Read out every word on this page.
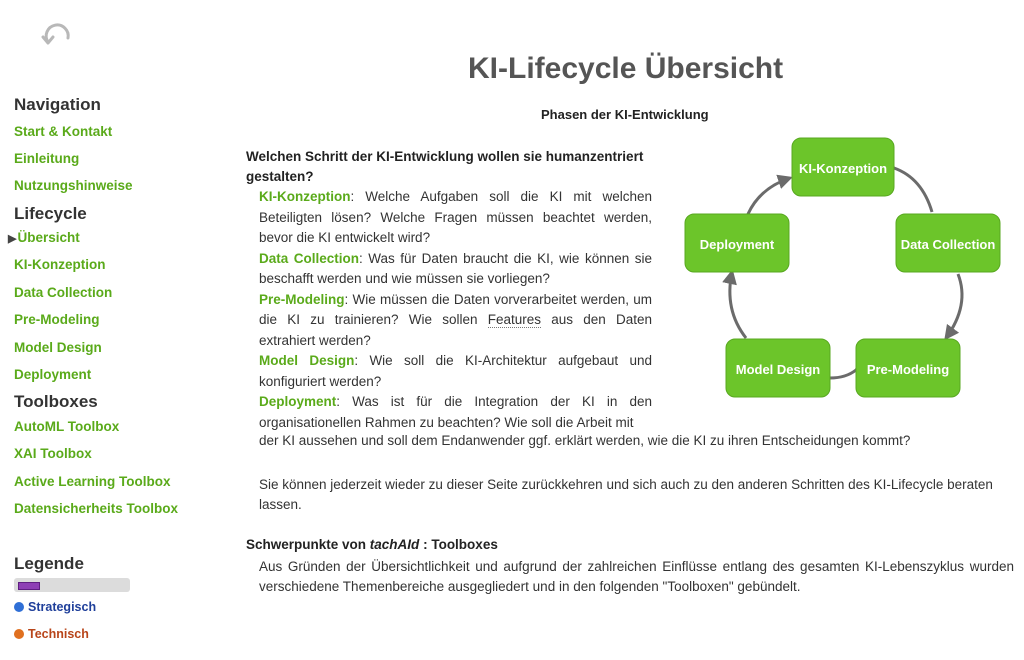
Navigation
Start & Kontakt
Einleitung
Nutzungshinweise
Lifecycle
▶Übersicht
KI-Konzeption
Data Collection
Pre-Modeling
Model Design
Deployment
Toolboxes
AutoML Toolbox
XAI Toolbox
Active Learning Toolbox
Datensicherheits Toolbox
Legende
Strategisch
Technisch
KI-Lifecycle Übersicht
Phasen der KI-Entwicklung
KI-Konzeption
Data Collection
Pre-Modeling
Model Design
Deployment
Welchen Schritt der KI-Entwicklung wollen sie humanzentriert gestalten?

KI-Konzeption: Welche Aufgaben soll die KI mit welchen Beteiligten lösen? Welche Fragen müssen beachtet werden, bevor die KI entwickelt wird?

Data Collection: Was für Daten braucht die KI, wie können sie beschafft werden und wie müssen sie vorliegen?

Pre-Modeling: Wie müssen die Daten vorverarbeitet werden, um die KI zu trainieren? Wie sollen Features aus den Daten extrahiert werden?

Model Design: Wie soll die KI-Architektur aufgebaut und konfiguriert werden?

Deployment: Was ist für die Integration der KI in den organisationellen Rahmen zu beachten? Wie soll die Arbeit mit

der KI aussehen und soll dem Endanwender ggf. erklärt werden, wie die KI zu ihren Entscheidungen kommt?
Sie können jederzeit wieder zu dieser Seite zurückkehren und sich auch zu den anderen Schritten des KI-Lifecycle beraten lassen.
Schwerpunkte von tachAId : Toolboxes
Aus Gründen der Übersichtlichkeit und aufgrund der zahlreichen Einflüsse entlang des gesamten KI-Lebenszyklus wurden verschiedene Themenbereiche ausgegliedert und in den folgenden "Toolboxen" gebündelt.
